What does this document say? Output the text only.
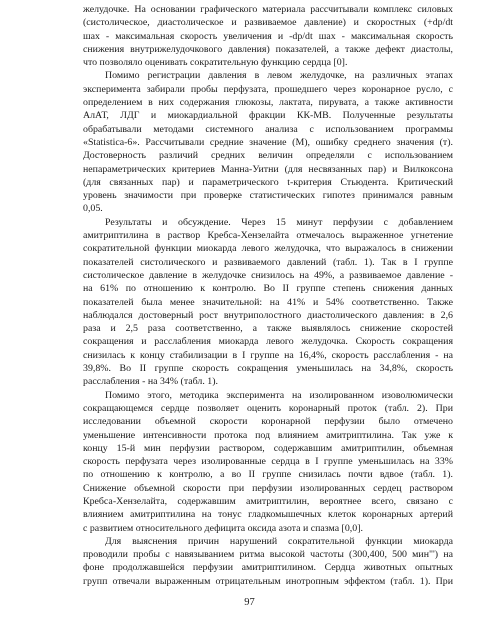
желудочке. На основании графического материала рассчитывали комплекс силовых
(систолическое, диастолическое и развиваемое давление) и скоростных (+dp/dt
шах - максимальная скорость увеличения и -dp/dt шах - максимальная скорость
снижения внутрижелудочкового давления) показателей, а также дефект диастолы,
что позволяло оценивать сократительную функцию сердца [0].
Помимо регистрации давления в левом желудочке, на различных этапах
эксперимента забирали пробы перфузата, прошедшего через коронарное русло, с
определением в них содержания глюкозы, лактата, пирувата, а также активности
АлАТ, ЛДГ и миокардиальной фракции КК-МВ. Полученные результаты
обрабатывали методами системного анализа с использованием программы
«Statistica-6». Рассчитывали средние значение (М), ошибку среднего значения (т).
Достоверность различий средних величин определяли с использованием
непараметрических критериев Манна-Уитни (для несвязанных пар) и Вилкоксона
(для связанных пар) и параметрического t-критерия Стьюдента. Критический
уровень значимости при проверке статистических гипотез принимался равным
0,05.
Результаты и обсуждение. Через 15 минут перфузии с добавлением
амитриптилина в раствор Кребса-Хензелайта отмечалось выраженное угнетение
сократительной функции миокарда левого желудочка, что выражалось в снижении
показателей систолического и развиваемого давлений (табл. 1). Так в I группе
систолическое давление в желудочке снизилось на 49%, а развиваемое давление -
на 61% по отношению к контролю. Во II группе степень снижения данных
показателей была менее значительной: на 41% и 54% соответственно. Также
наблюдался достоверный рост внутриполостного диастолического давления: в 2,6
раза и 2,5 раза соответственно, а также выявлялось снижение скоростей
сокращения и расслабления миокарда левого желудочка. Скорость сокращения
снизилась к концу стабилизации в I группе на 16,4%, скорость расслабления - на
39,8%. Во II группе скорость сокращения уменьшилась на 34,8%, скорость
расслабления - на 34% (табл. 1).
Помимо этого, методика эксперимента на изолированном изоволюмически
сокращающемся сердце позволяет оценить коронарный проток (табл. 2). При
исследовании объемной скорости коронарной перфузии было отмечено
уменьшение интенсивности протока под влиянием амитриптилина. Так уже к
концу 15-й мин перфузии раствором, содержавшим амитриптилин, объемная
скорость перфузата через изолированные сердца в I группе уменьшилась на 33%
по отношению к контролю, а во II группе снизилась почти вдвое (табл. 1).
Снижение объемной скорости при перфузии изолированных сердец раствором
Кребса-Хензелайта, содержавшим амитриптилин, вероятнее всего, связано с
влиянием амитриптилина на тонус гладкомышечных клеток коронарных артерий
с развитием относительного дефицита оксида азота и спазма [0,0].
Для выяснения причин нарушений сократительной функции миокарда
проводили пробы с навязыванием ритма высокой частоты (300,400, 500 мин"') на
фоне продолжавшейся перфузии амитриптилином. Сердца животных опытных
групп отвечали выраженным отрицательным инотропным эффектом (табл. 1). При
97
